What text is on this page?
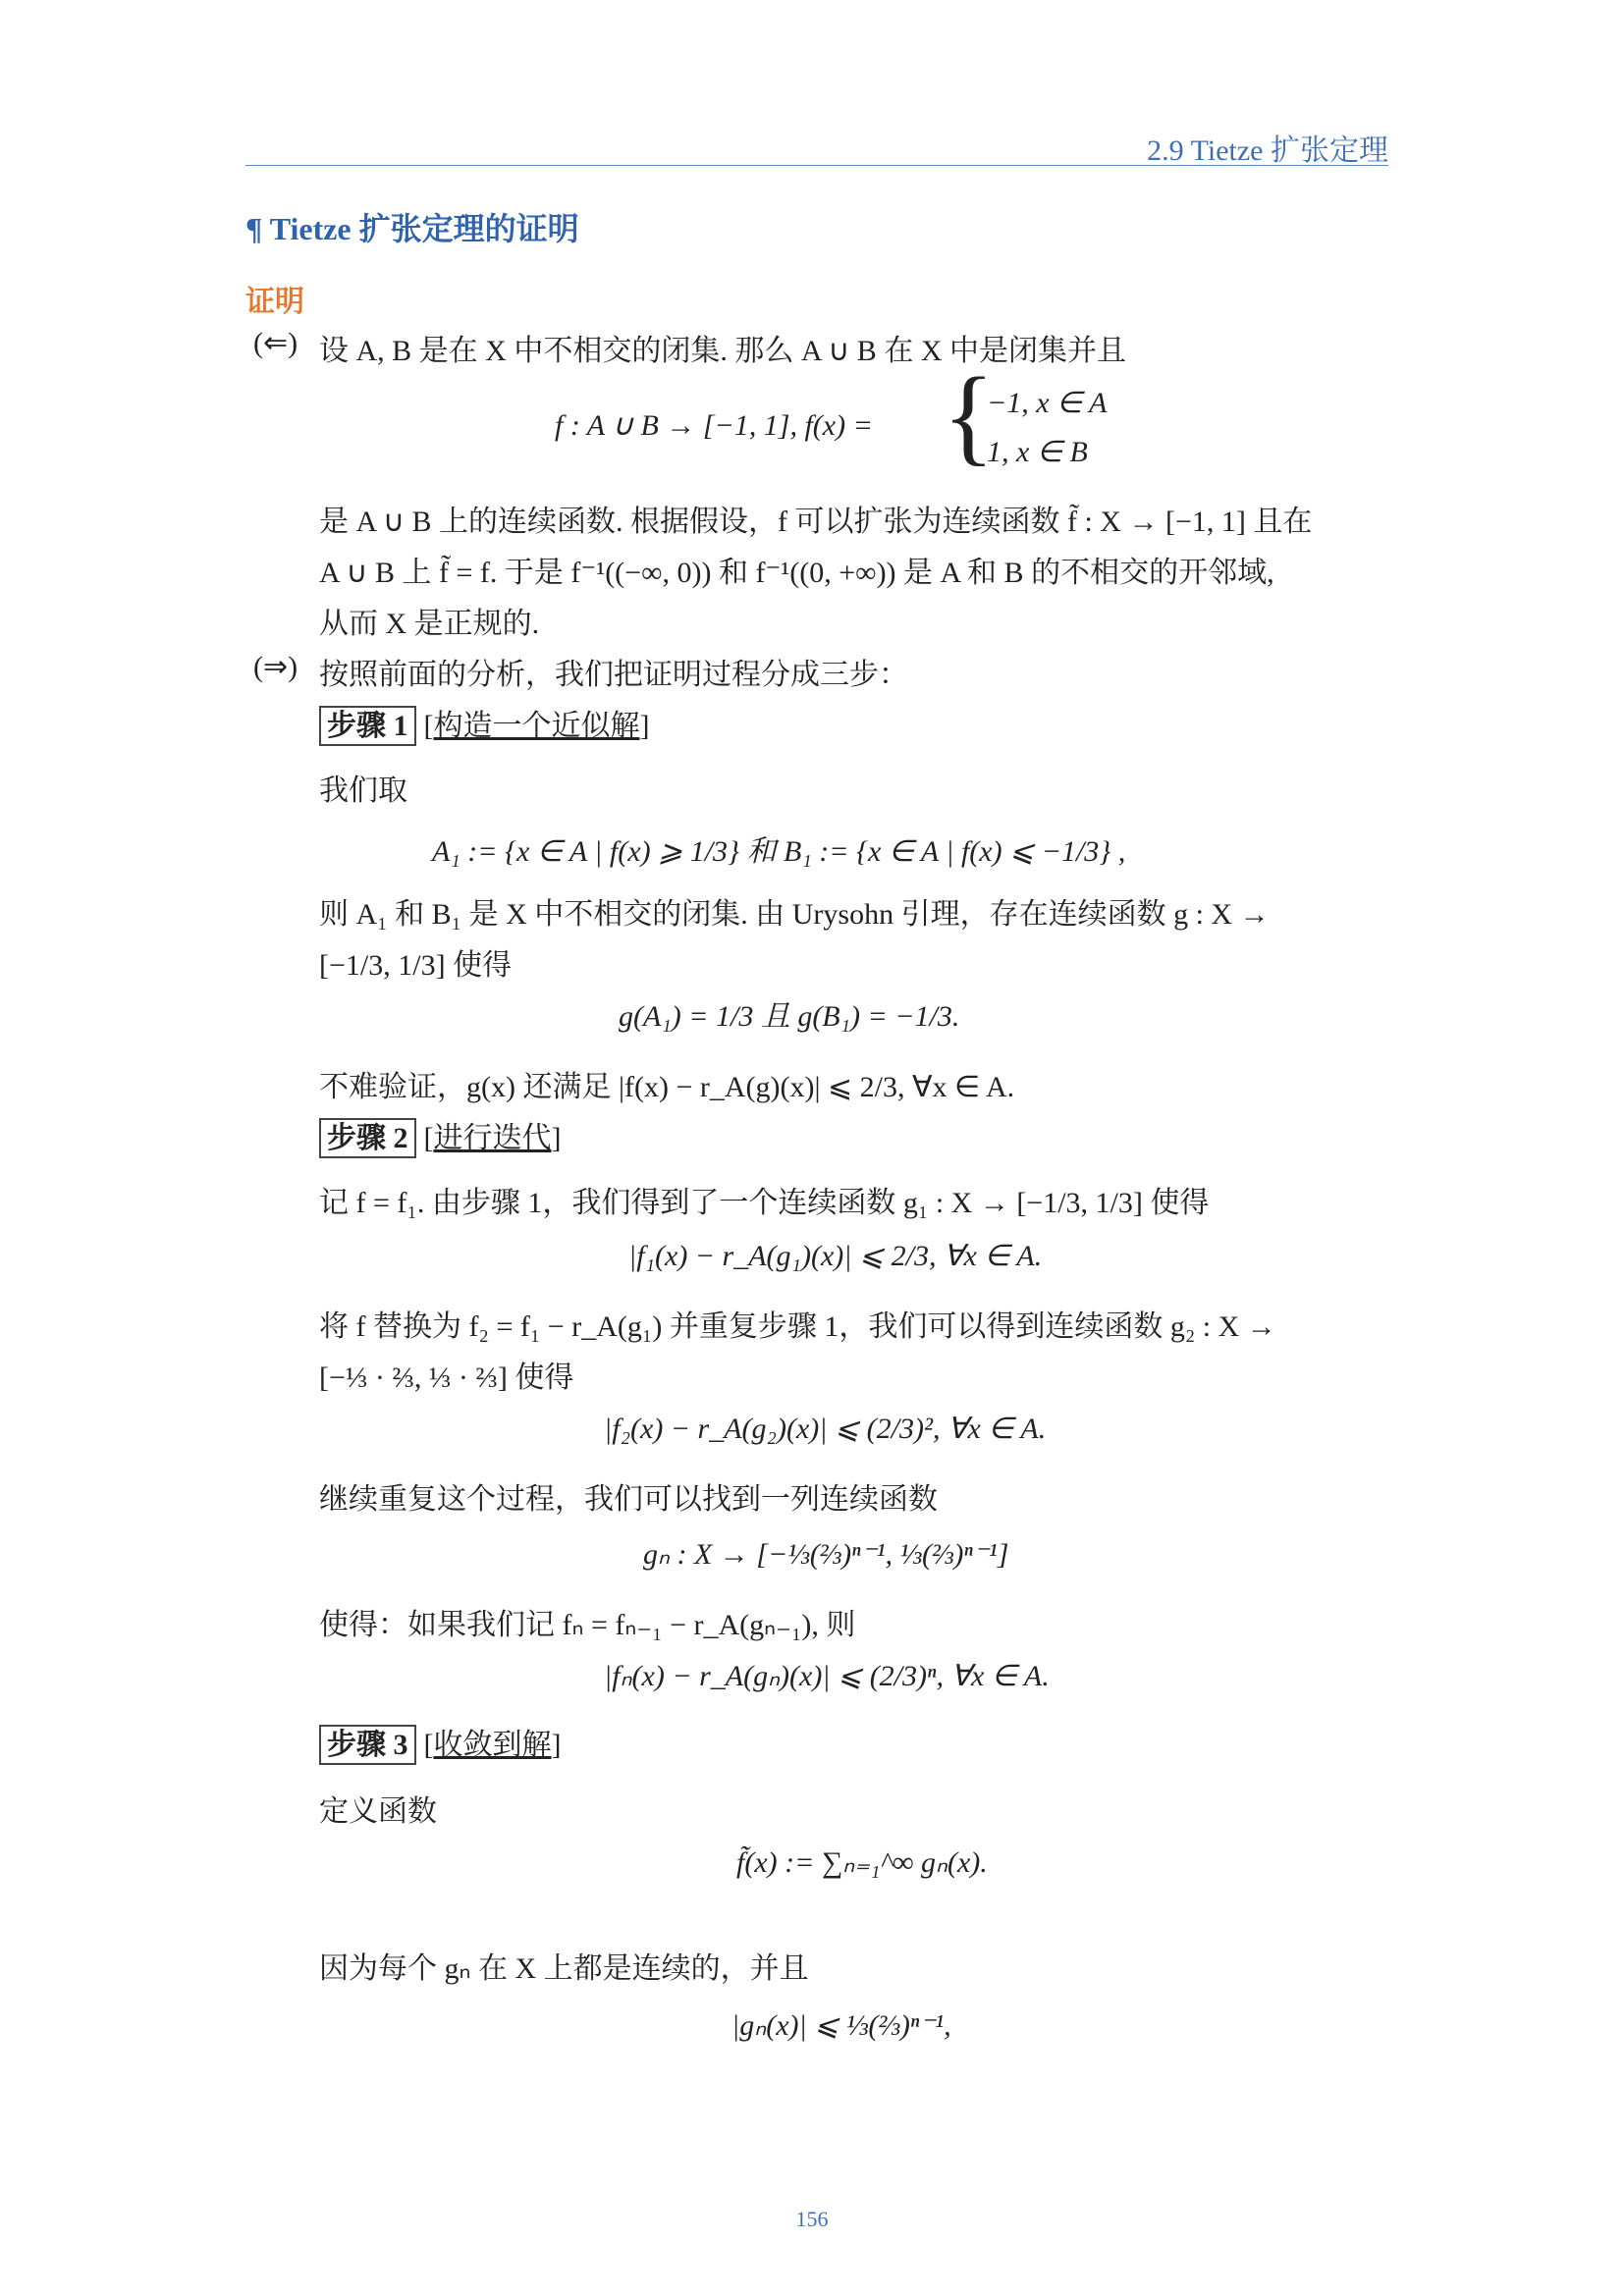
2.9 Tietze 扩张定理
¶ Tietze 扩张定理的证明
证明
(⇐) 设 A, B 是在 X 中不相交的闭集. 那么 A ∪ B 在 X 中是闭集并且
f : A ∪ B → [−1, 1], f(x) = {
−1, x ∈ A
1, x ∈ B
是 A ∪ B 上的连续函数. 根据假设，f 可以扩张为连续函数 f̃ : X → [−1, 1] 且在
A ∪ B 上 f̃ = f. 于是 f⁻¹((−∞, 0)) 和 f⁻¹((0, +∞)) 是 A 和 B 的不相交的开邻域,
从而 X 是正规的.
(⇒) 按照前面的分析，我们把证明过程分成三步：
步骤 1 [构造一个近似解]
我们取
A₁ := {x ∈ A | f(x) ⩾ 1/3} 和 B₁ := {x ∈ A | f(x) ⩽ −1/3} ,
则 A₁ 和 B₁ 是 X 中不相交的闭集. 由 Urysohn 引理，存在连续函数 g : X →
[−1/3, 1/3] 使得
g(A₁) = 1/3 且 g(B₁) = −1/3.
不难验证，g(x) 还满足 |f(x) − r_A(g)(x)| ⩽ 2/3, ∀x ∈ A.
步骤 2 [进行迭代]
记 f = f₁. 由步骤 1，我们得到了一个连续函数 g₁ : X → [−1/3, 1/3] 使得
|f₁(x) − r_A(g₁)(x)| ⩽ 2/3, ∀x ∈ A.
将 f 替换为 f₂ = f₁ − r_A(g₁) 并重复步骤 1，我们可以得到连续函数 g₂ : X →
[−⅓ · ⅔, ⅓ · ⅔] 使得
|f₂(x) − r_A(g₂)(x)| ⩽ (2/3)², ∀x ∈ A.
继续重复这个过程，我们可以找到一列连续函数
gₙ : X → [−⅓(⅔)ⁿ⁻¹, ⅓(⅔)ⁿ⁻¹]
使得：如果我们记 fₙ = fₙ₋₁ − r_A(gₙ₋₁), 则
|fₙ(x) − r_A(gₙ)(x)| ⩽ (2/3)ⁿ, ∀x ∈ A.
步骤 3 [收敛到解]
定义函数
f̃(x) := ∑ₙ₌₁^∞ gₙ(x).
因为每个 gₙ 在 X 上都是连续的，并且
|gₙ(x)| ⩽ ⅓(⅔)ⁿ⁻¹,
156
